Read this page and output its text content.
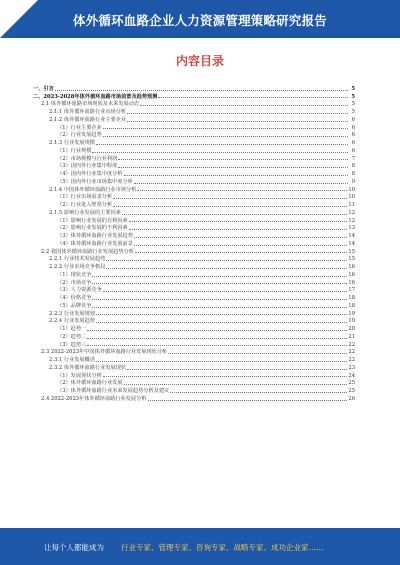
体外循环血路企业人力资源管理策略研究报告
内容目录
一、引言	5
二、2023-2028年体外循环血路市场前景及趋势预测	5
2.1 体外循环血路市场现状及未来发展动态	5
2.1.1 体外循环血路行业市场分析	5
2.1.2 体外循环血路行业主要企业	6
（1）行业主要企业	6
（2）行业发展趋势	6
2.1.3 行业发展规模	6
（1）行业规模	6
（2）市场规模与行业利润	7
（3）国内外行业集中程度	8
（4）国内外行业集中度分析	8
（5）国内外行业市场集中度分析	9
2.1.4 中国体外循环血路行业市场分析	10
（1）行业市场需求分析	10
（2）行业进入壁垒分析	11
2.1.5 影响行业发展的主要因素	12
（1）影响行业发展的有利因素	12
（2）影响行业发展的不利因素	13
（3）体外循环血路行业发展趋势	14
（4）体外循环血路行业发展前景	14
2.2 我国体外循环血路行业发展趋势分析	15
2.2.1 行业技术发展趋势	15
2.2.2 行业市场竞争格局	16
（1）现状竞争	16
（2）市场竞争	16
（3）人力资源竞争	17
（4）价格竞争	18
（5）品牌竞争	18
2.2.3 行业发展规划	19
2.2.4 行业发展趋势	19
（1）趋势一	20
（2）趋势二	21
（3）趋势三	22
2.3 2022-2023年中国体外循环血路行业发展现状分析	22
2.3.1 行业发展概述	22
2.3.2 体外循环血路行业发展现状	23
（1）发展现状分析	24
（2）体外循环血路行业发展	25
（3）体外循环血路行业未来发展趋势分析及建议	25
2.4 2022-2023年体外循环血路行业发展分析	26
让每个人都能成为 行业专家、管理专家、咨询专家、战略专家、成功企业家……
